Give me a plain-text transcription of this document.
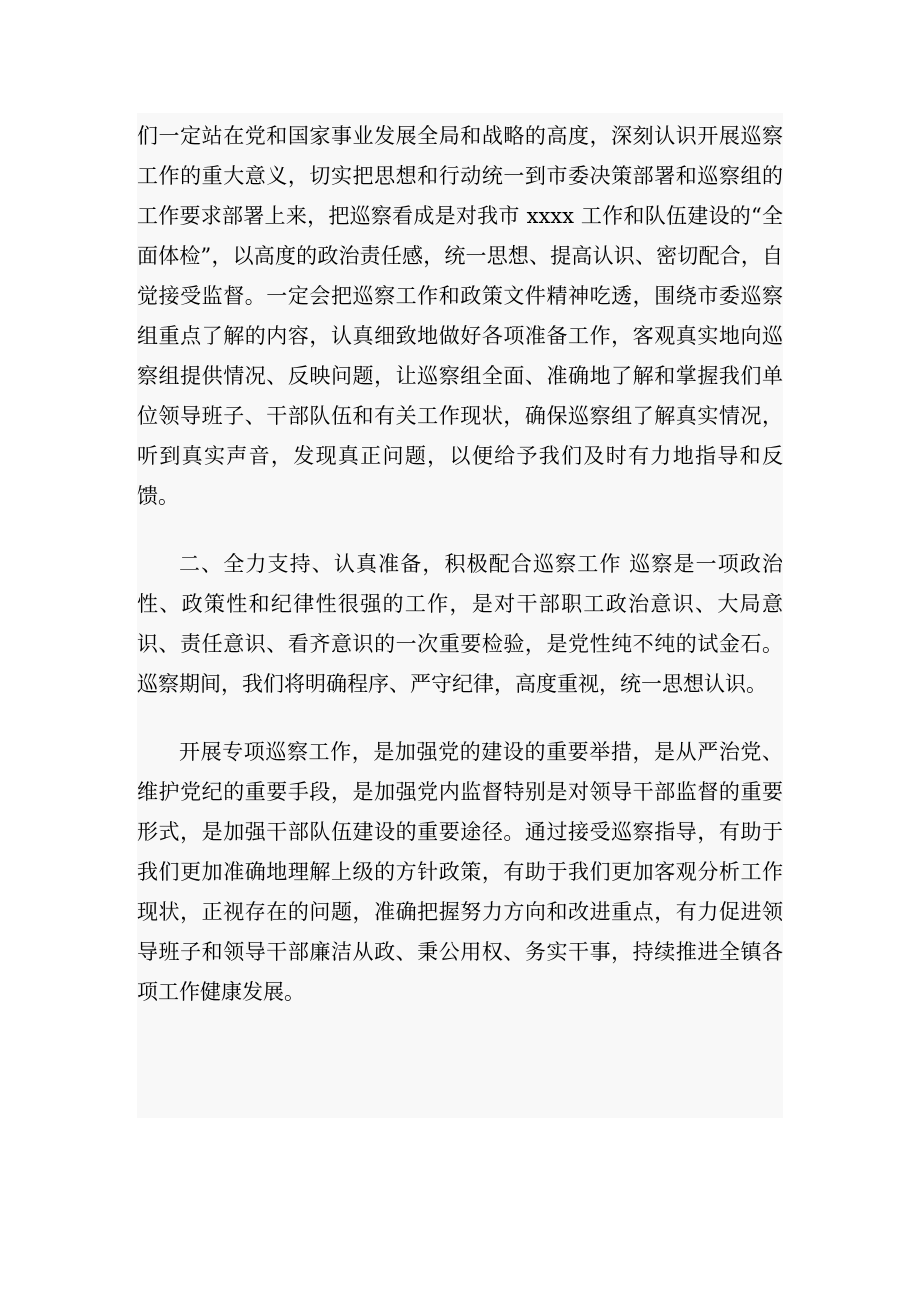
们一定站在党和国家事业发展全局和战略的高度，深刻认识开展巡察工作的重大意义，切实把思想和行动统一到市委决策部署和巡察组的工作要求部署上来，把巡察看成是对我市 xxxx 工作和队伍建设的“全面体检”，以高度的政治责任感，统一思想、提高认识、密切配合，自觉接受监督。一定会把巡察工作和政策文件精神吃透，围绕市委巡察组重点了解的内容，认真细致地做好各项准备工作，客观真实地向巡察组提供情况、反映问题，让巡察组全面、准确地了解和掌握我们单位领导班子、干部队伍和有关工作现状，确保巡察组了解真实情况，听到真实声音，发现真正问题，以便给予我们及时有力地指导和反馈。

二、全力支持、认真准备，积极配合巡察工作 巡察是一项政治性、政策性和纪律性很强的工作，是对干部职工政治意识、大局意识、责任意识、看齐意识的一次重要检验，是党性纯不纯的试金石。巡察期间，我们将明确程序、严守纪律，高度重视，统一思想认识。

开展专项巡察工作，是加强党的建设的重要举措，是从严治党、维护党纪的重要手段，是加强党内监督特别是对领导干部监督的重要形式，是加强干部队伍建设的重要途径。通过接受巡察指导，有助于我们更加准确地理解上级的方针政策，有助于我们更加客观分析工作现状，正视存在的问题，准确把握努力方向和改进重点，有力促进领导班子和领导干部廉洁从政、秉公用权、务实干事，持续推进全镇各项工作健康发展。
